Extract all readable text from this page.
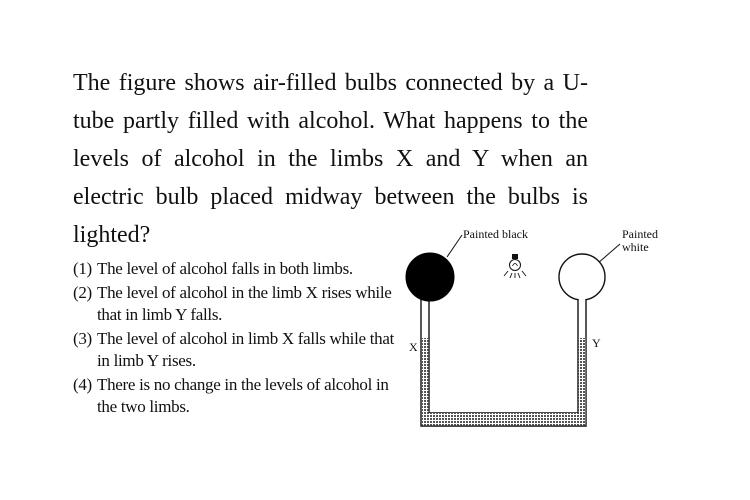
The figure shows air-filled bulbs connected by a U-tube partly filled with alcohol. What happens to the levels of alcohol in the limbs X and Y when an electric bulb placed midway between the bulbs is lighted?

(1) The level of alcohol falls in both limbs.
(2) The level of alcohol in the limb X rises while that in limb Y falls.
(3) The level of alcohol in limb X falls while that in limb Y rises.
(4) There is no change in the levels of alcohol in the two limbs.
Painted black	Painted
white
X	Y
